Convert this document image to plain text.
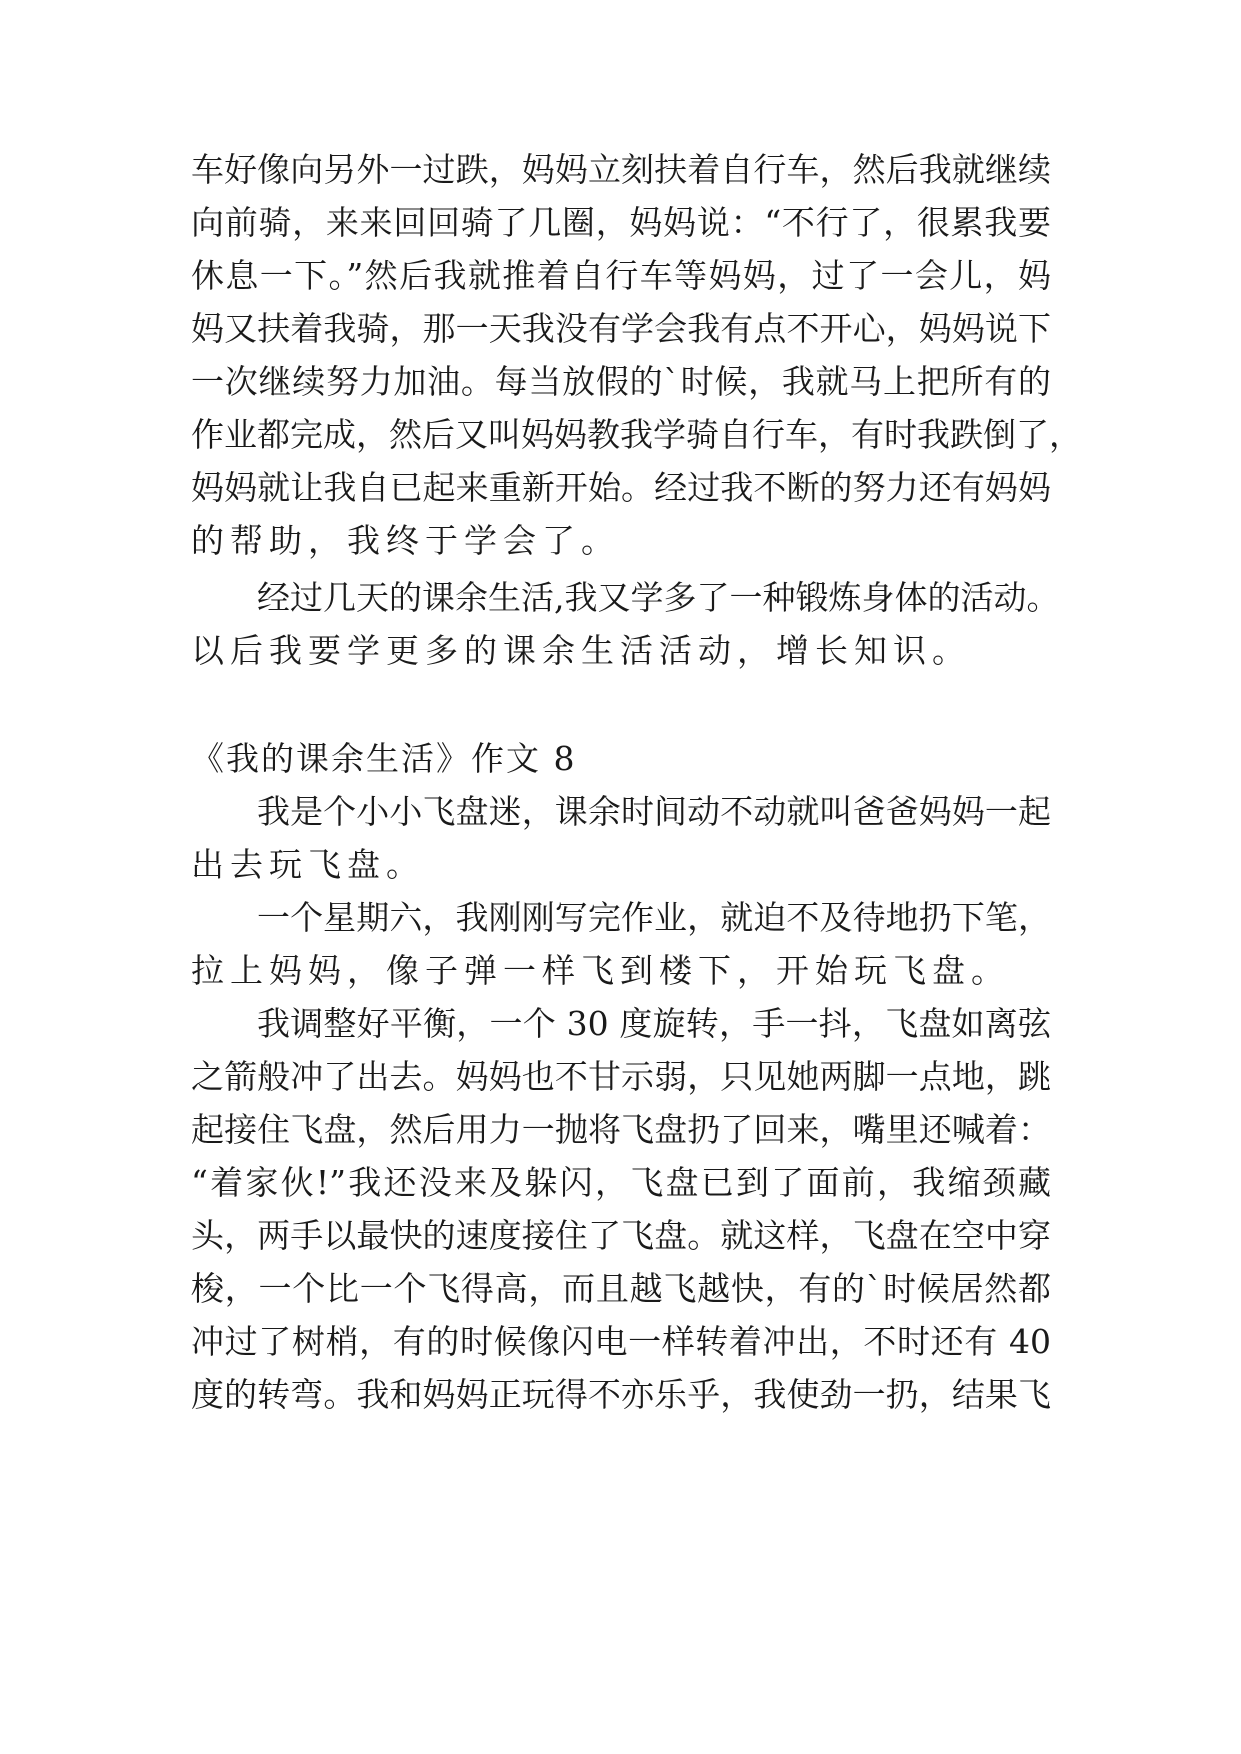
车好像向另外一过跌，妈妈立刻扶着自行车，然后我就继续
向前骑，来来回回骑了几圈，妈妈说：“不行了，很累我要
休息一下。”然后我就推着自行车等妈妈，过了一会儿，妈
妈又扶着我骑，那一天我没有学会我有点不开心，妈妈说下
一次继续努力加油。每当放假的`时候，我就马上把所有的
作业都完成，然后又叫妈妈教我学骑自行车，有时我跌倒了，
妈妈就让我自已起来重新开始。经过我不断的努力还有妈妈
的帮助，我终于学会了。
经过几天的课余生活,我又学多了一种锻炼身体的活动。
以后我要学更多的课余生活活动，增长知识。
《我的课余生活》作文 8
我是个小小飞盘迷，课余时间动不动就叫爸爸妈妈一起
出去玩飞盘。
一个星期六，我刚刚写完作业，就迫不及待地扔下笔，
拉上妈妈，像子弹一样飞到楼下，开始玩飞盘。
我调整好平衡，一个 30 度旋转，手一抖，飞盘如离弦
之箭般冲了出去。妈妈也不甘示弱，只见她两脚一点地，跳
起接住飞盘，然后用力一抛将飞盘扔了回来，嘴里还喊着：
“着家伙!”我还没来及躲闪，飞盘已到了面前，我缩颈藏
头，两手以最快的速度接住了飞盘。就这样，飞盘在空中穿
梭，一个比一个飞得高，而且越飞越快，有的`时候居然都
冲过了树梢，有的时候像闪电一样转着冲出，不时还有 40
度的转弯。我和妈妈正玩得不亦乐乎，我使劲一扔，结果飞
